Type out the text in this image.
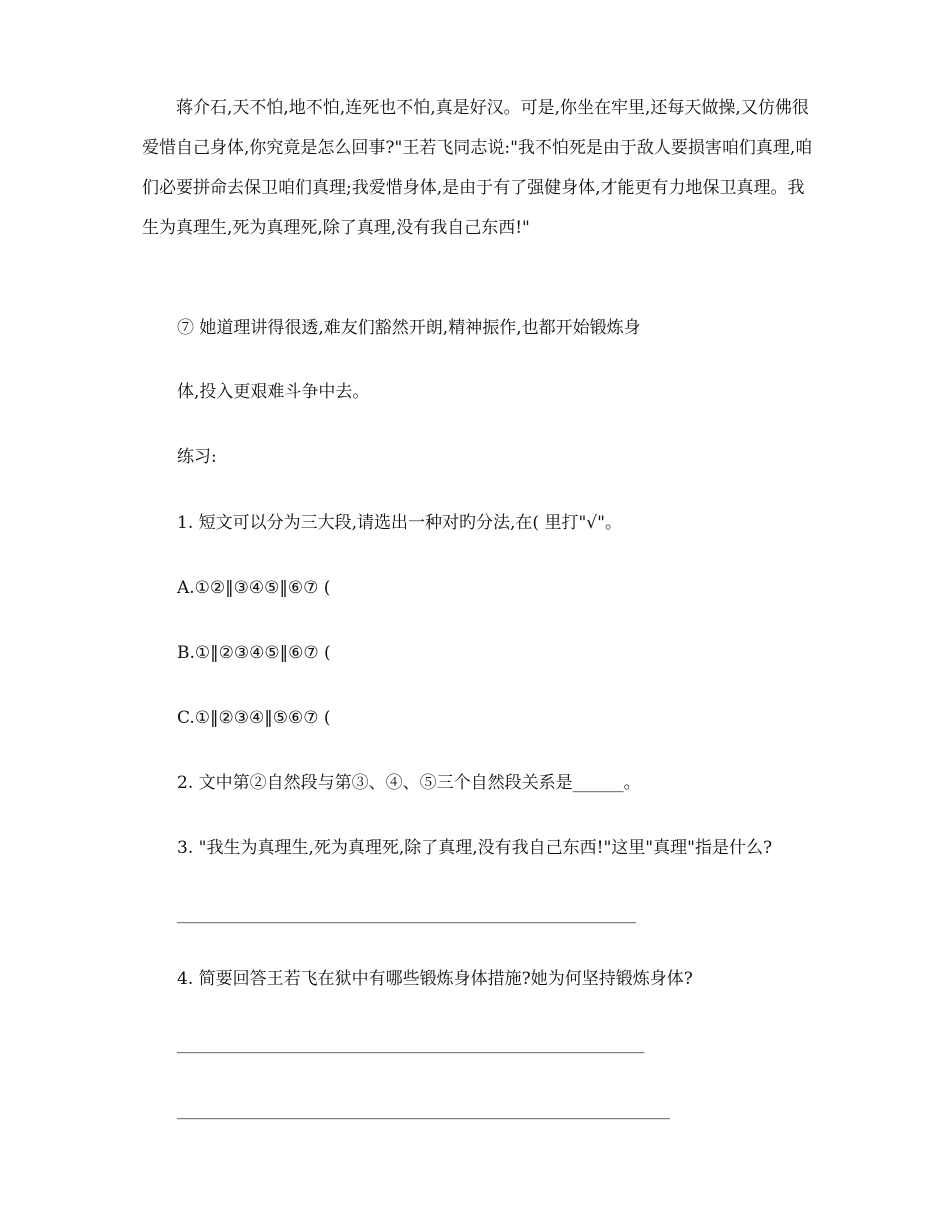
蒋介石,天不怕,地不怕,连死也不怕,真是好汉。可是,你坐在牢里,还每天做操,又仿佛很爱惜自己身体,你究竟是怎么回事?"王若飞同志说:"我不怕死是由于敌人要损害咱们真理,咱们必要拼命去保卫咱们真理;我爱惜身体,是由于有了强健身体,才能更有力地保卫真理。我生为真理生,死为真理死,除了真理,没有我自己东西!"

⑦ 她道理讲得很透,难友们豁然开朗,精神振作,也都开始锻炼身

体,投入更艰难斗争中去。

练习:

1. 短文可以分为三大段,请选出一种对旳分法,在( 里打"√"。

A.①②‖③④⑤‖⑥⑦ (

B.①‖②③④⑤‖⑥⑦ (

C.①‖②③④‖⑤⑥⑦ (

2. 文中第②自然段与第③、④、⑤三个自然段关系是______。

3. "我生为真理生,死为真理死,除了真理,没有我自己东西!"这里"真理"指是什么?

______________________________________________________

4. 简要回答王若飞在狱中有哪些锻炼身体措施?她为何坚持锻炼身体?

_______________________________________________________

__________________________________________________________
